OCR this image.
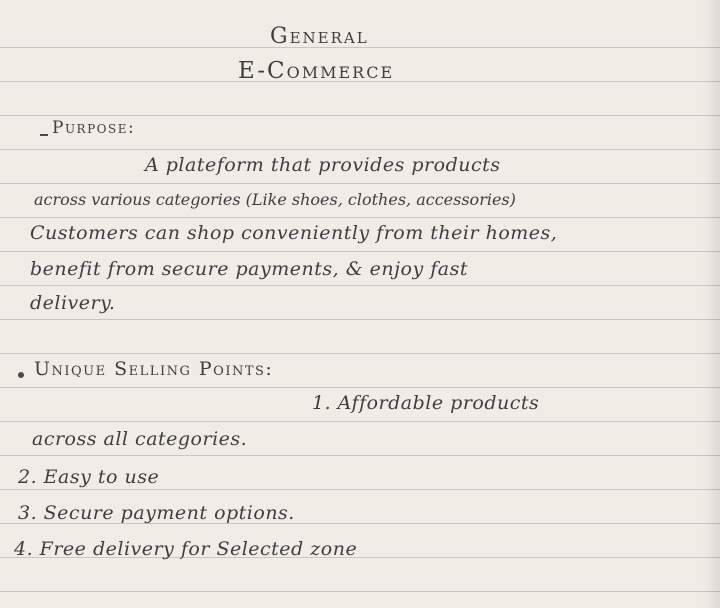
General
E-Commerce
Purpose:
A plateform that provides products
across various categories (Like shoes, clothes, accessories)
Customers can shop conveniently from their homes,
benefit from secure payments, & enjoy fast
delivery.
Unique Selling Points:
1. Affordable products
across all categories.
2. Easy to use
3. Secure payment options.
4. Free delivery for Selected zone
